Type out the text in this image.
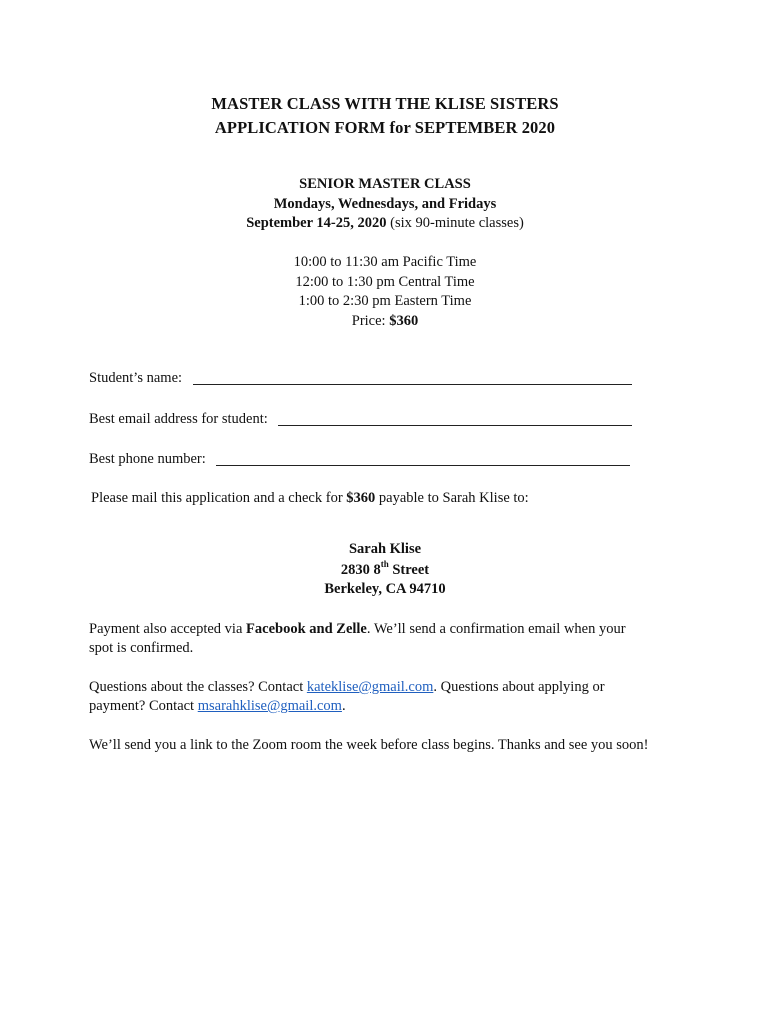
MASTER CLASS WITH THE KLISE SISTERS
APPLICATION FORM for SEPTEMBER 2020
SENIOR MASTER CLASS
Mondays, Wednesdays, and Fridays
September 14-25, 2020 (six 90-minute classes)
10:00 to 11:30 am Pacific Time
12:00 to 1:30 pm Central Time
1:00 to 2:30 pm Eastern Time
Price: $360
Student’s name:
Best email address for student:
Best phone number:
Please mail this application and a check for $360 payable to Sarah Klise to:
Sarah Klise
2830 8th Street
Berkeley, CA 94710
Payment also accepted via Facebook and Zelle. We’ll send a confirmation email when your
spot is confirmed.
Questions about the classes? Contact kateklise@gmail.com. Questions about applying or
payment? Contact msarahklise@gmail.com.
We’ll send you a link to the Zoom room the week before class begins. Thanks and see you soon!
